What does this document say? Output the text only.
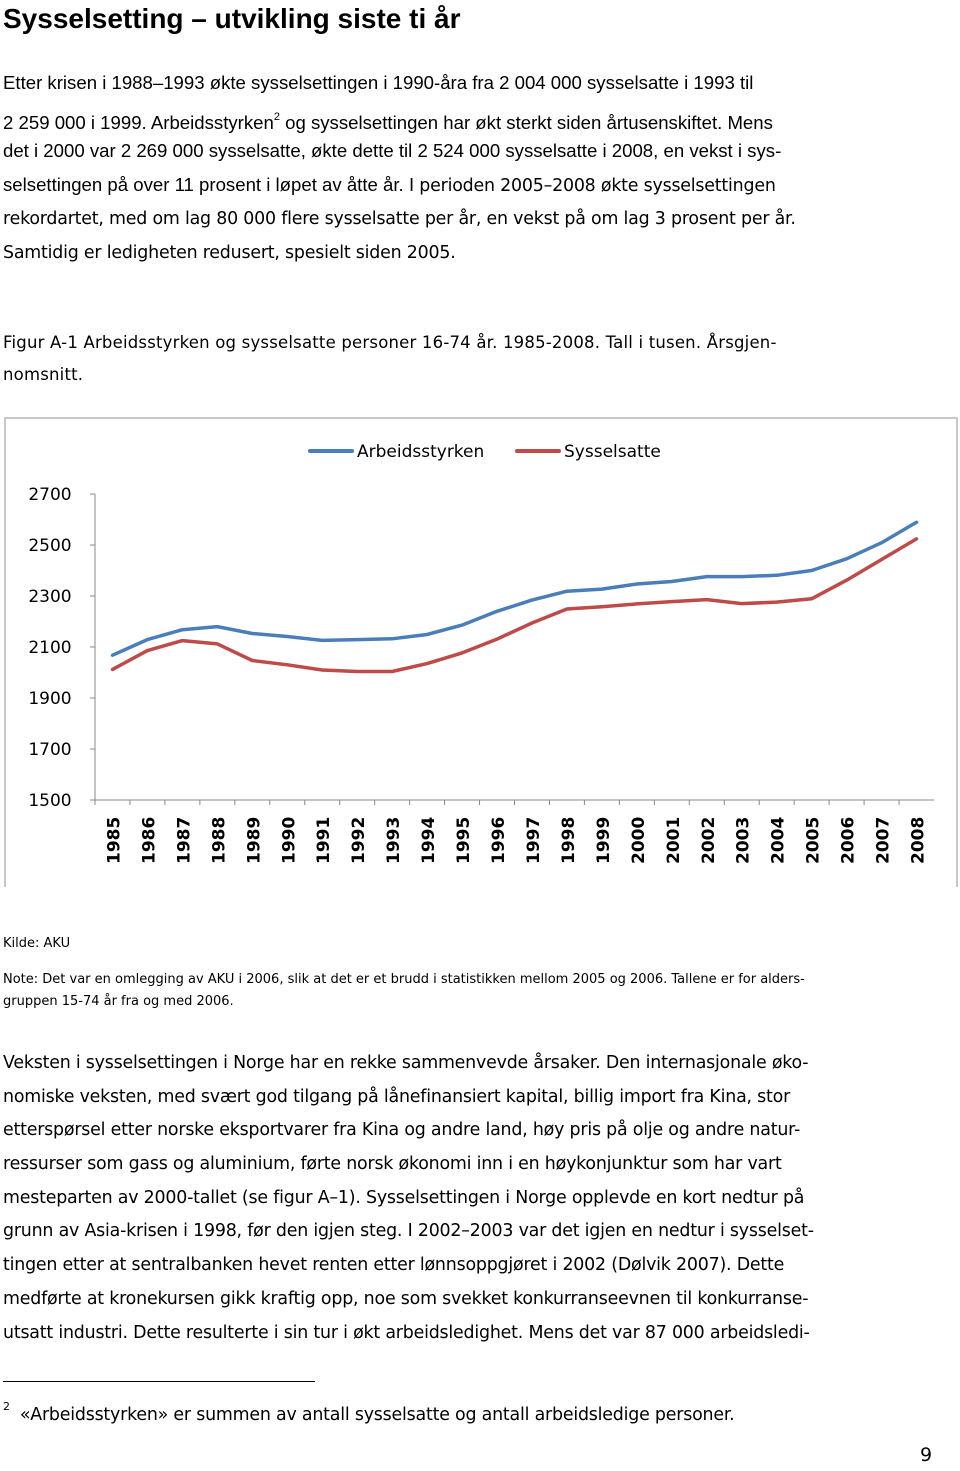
Sysselsetting – utvikling siste ti år
Etter krisen i 1988–1993 økte sysselsettingen i 1990-åra fra 2 004 000 sysselsatte i 1993 til
2 259 000 i 1999. Arbeidsstyrken$^2$ og sysselsettingen har økt sterkt siden årtusenskiftet. Mens
det i 2000 var 2 269 000 sysselsatte, økte dette til 2 524 000 sysselsatte i 2008, en vekst i sys-
selsettingen på over 11 prosent i løpet av åtte år. I perioden 2005–2008 økte sysselsettingen
rekordartet, med om lag 80 000 flere sysselsatte per år, en vekst på om lag 3 prosent per år.
Samtidig er ledigheten redusert, spesielt siden 2005.
Figur A-1 Arbeidsstyrken og sysselsatte personer 16-74 år. 1985-2008. Tall i tusen. Årsgjen-
nomsnitt.
2700
2500
2300
2100
1900
1700
1500
1985 1986 1987 1988 1989 1990 1991 1992 1993 1994 1995 1996 1997 1998 1999 2000 2001 2002 2003 2004 2005 2006 2007 2008
Arbeidsstyrken	Sysselsatte
Kilde: AKU
Note: Det var en omlegging av AKU i 2006, slik at det er et brudd i statistikken mellom 2005 og 2006. Tallene er for alders-
gruppen 15-74 år fra og med 2006.
Veksten i sysselsettingen i Norge har en rekke sammenvevde årsaker. Den internasjonale øko-
nomiske veksten, med svært god tilgang på lånefinansiert kapital, billig import fra Kina, stor
etterspørsel etter norske eksportvarer fra Kina og andre land, høy pris på olje og andre natur-
ressurser som gass og aluminium, førte norsk økonomi inn i en høykonjunktur som har vart
mesteparten av 2000-tallet (se figur A–1). Sysselsettingen i Norge opplevde en kort nedtur på
grunn av Asia-krisen i 1998, før den igjen steg. I 2002–2003 var det igjen en nedtur i sysselset-
tingen etter at sentralbanken hevet renten etter lønnsoppgjøret i 2002 (Dølvik 2007). Dette
medførte at kronekursen gikk kraftig opp, noe som svekket konkurranseevnen til konkurranse-
utsatt industri. Dette resulterte i sin tur i økt arbeidsledighet. Mens det var 87 000 arbeidsledi-
$^2$ «Arbeidsstyrken» er summen av antall sysselsatte og antall arbeidsledige personer.
9
